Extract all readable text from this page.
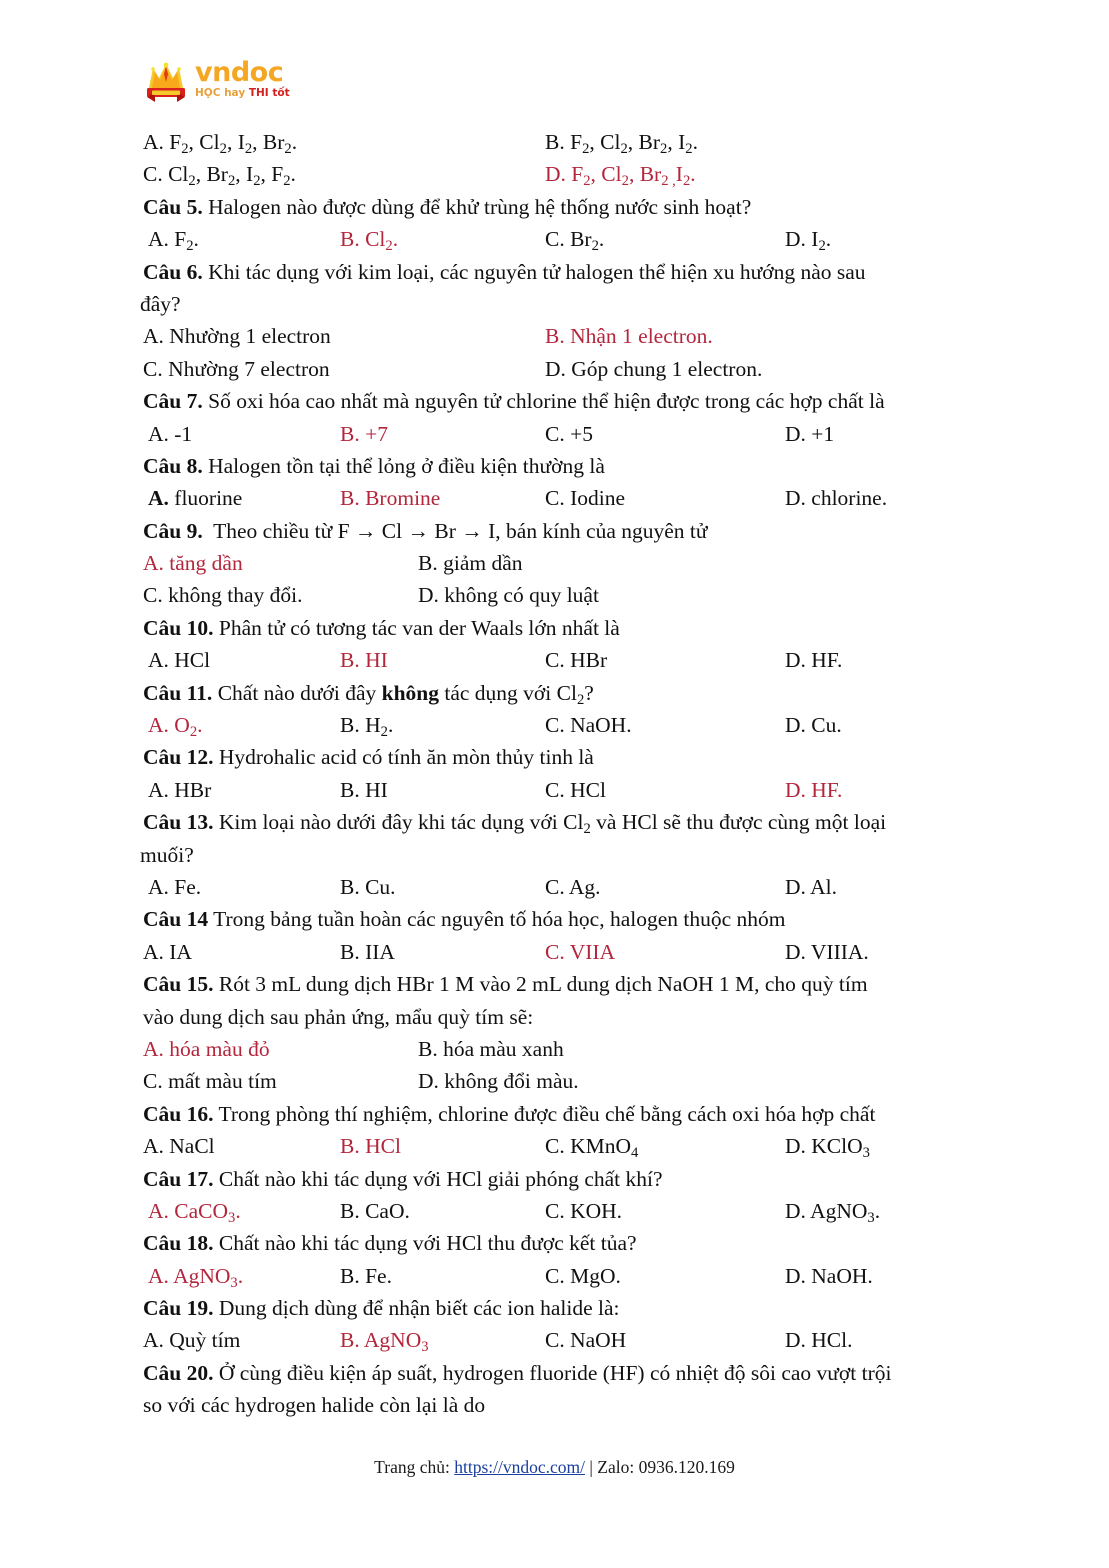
vndoc
HỌC hay THI tốt
A. $F_2$, $Cl_2$, $I_2$, $Br_2$.	B. $F_2$, $Cl_2$, $Br_2$, $I_2$.
C. $Cl_2$, $Br_2$, $I_2$, $F_2$.	D. $F_2$, $Cl_2$, $Br_{2 ,}I_2$.
Câu 5. Halogen nào được dùng để khử trùng hệ thống nước sinh hoạt?
A. $F_2$.	B. $Cl_2$.	C. $Br_2$.	D. $I_2$.
Câu 6. Khi tác dụng với kim loại, các nguyên tử halogen thể hiện xu hướng nào sau
đây?
A. Nhường 1 electron	B. Nhận 1 electron.
C. Nhường 7 electron	D. Góp chung 1 electron.
Câu 7. Số oxi hóa cao nhất mà nguyên tử chlorine thể hiện được trong các hợp chất là
A. -1	B. +7	C. +5	D. +1
Câu 8. Halogen tồn tại thể lỏng ở điều kiện thường là
A. fluorine	B. Bromine	C. Iodine	D. chlorine.
Câu 9. Theo chiều từ F → Cl → Br → I, bán kính của nguyên tử
A. tăng dần	B. giảm dần
C. không thay đổi.	D. không có quy luật
Câu 10. Phân tử có tương tác van der Waals lớn nhất là
A. HCl	B. HI	C. HBr	D. HF.
Câu 11. Chất nào dưới đây không tác dụng với $Cl_2$?
A. $O_2$.	B. $H_2$.	C. NaOH.	D. Cu.
Câu 12. Hydrohalic acid có tính ăn mòn thủy tinh là
A. HBr	B. HI	C. HCl	D. HF.
Câu 13. Kim loại nào dưới đây khi tác dụng với $Cl_2$ và HCl sẽ thu được cùng một loại
muối?
A. Fe.	B. Cu.	C. Ag.	D. Al.
Câu 14 Trong bảng tuần hoàn các nguyên tố hóa học, halogen thuộc nhóm
A. IA	B. IIA	C. VIIA	D. VIIIA.
Câu 15. Rót 3 mL dung dịch HBr 1 M vào 2 mL dung dịch NaOH 1 M, cho quỳ tím
vào dung dịch sau phản ứng, mẩu quỳ tím sẽ:
A. hóa màu đỏ	B. hóa màu xanh
C. mất màu tím	D. không đổi màu.
Câu 16. Trong phòng thí nghiệm, chlorine được điều chế bằng cách oxi hóa hợp chất
A. NaCl	B. HCl	C. KMnO$_4$	D. KClO$_3$
Câu 17. Chất nào khi tác dụng với HCl giải phóng chất khí?
A. CaCO$_3$.	B. CaO.	C. KOH.	D. AgNO$_3$.
Câu 18. Chất nào khi tác dụng với HCl thu được kết tủa?
A. AgNO$_3$.	B. Fe.	C. MgO.	D. NaOH.
Câu 19. Dung dịch dùng để nhận biết các ion halide là:
A. Quỳ tím	B. AgNO$_3$	C. NaOH	D. HCl.
Câu 20. Ở cùng điều kiện áp suất, hydrogen fluoride (HF) có nhiệt độ sôi cao vượt trội
so với các hydrogen halide còn lại là do
Trang chủ: https://vndoc.com/ | Zalo: 0936.120.169
